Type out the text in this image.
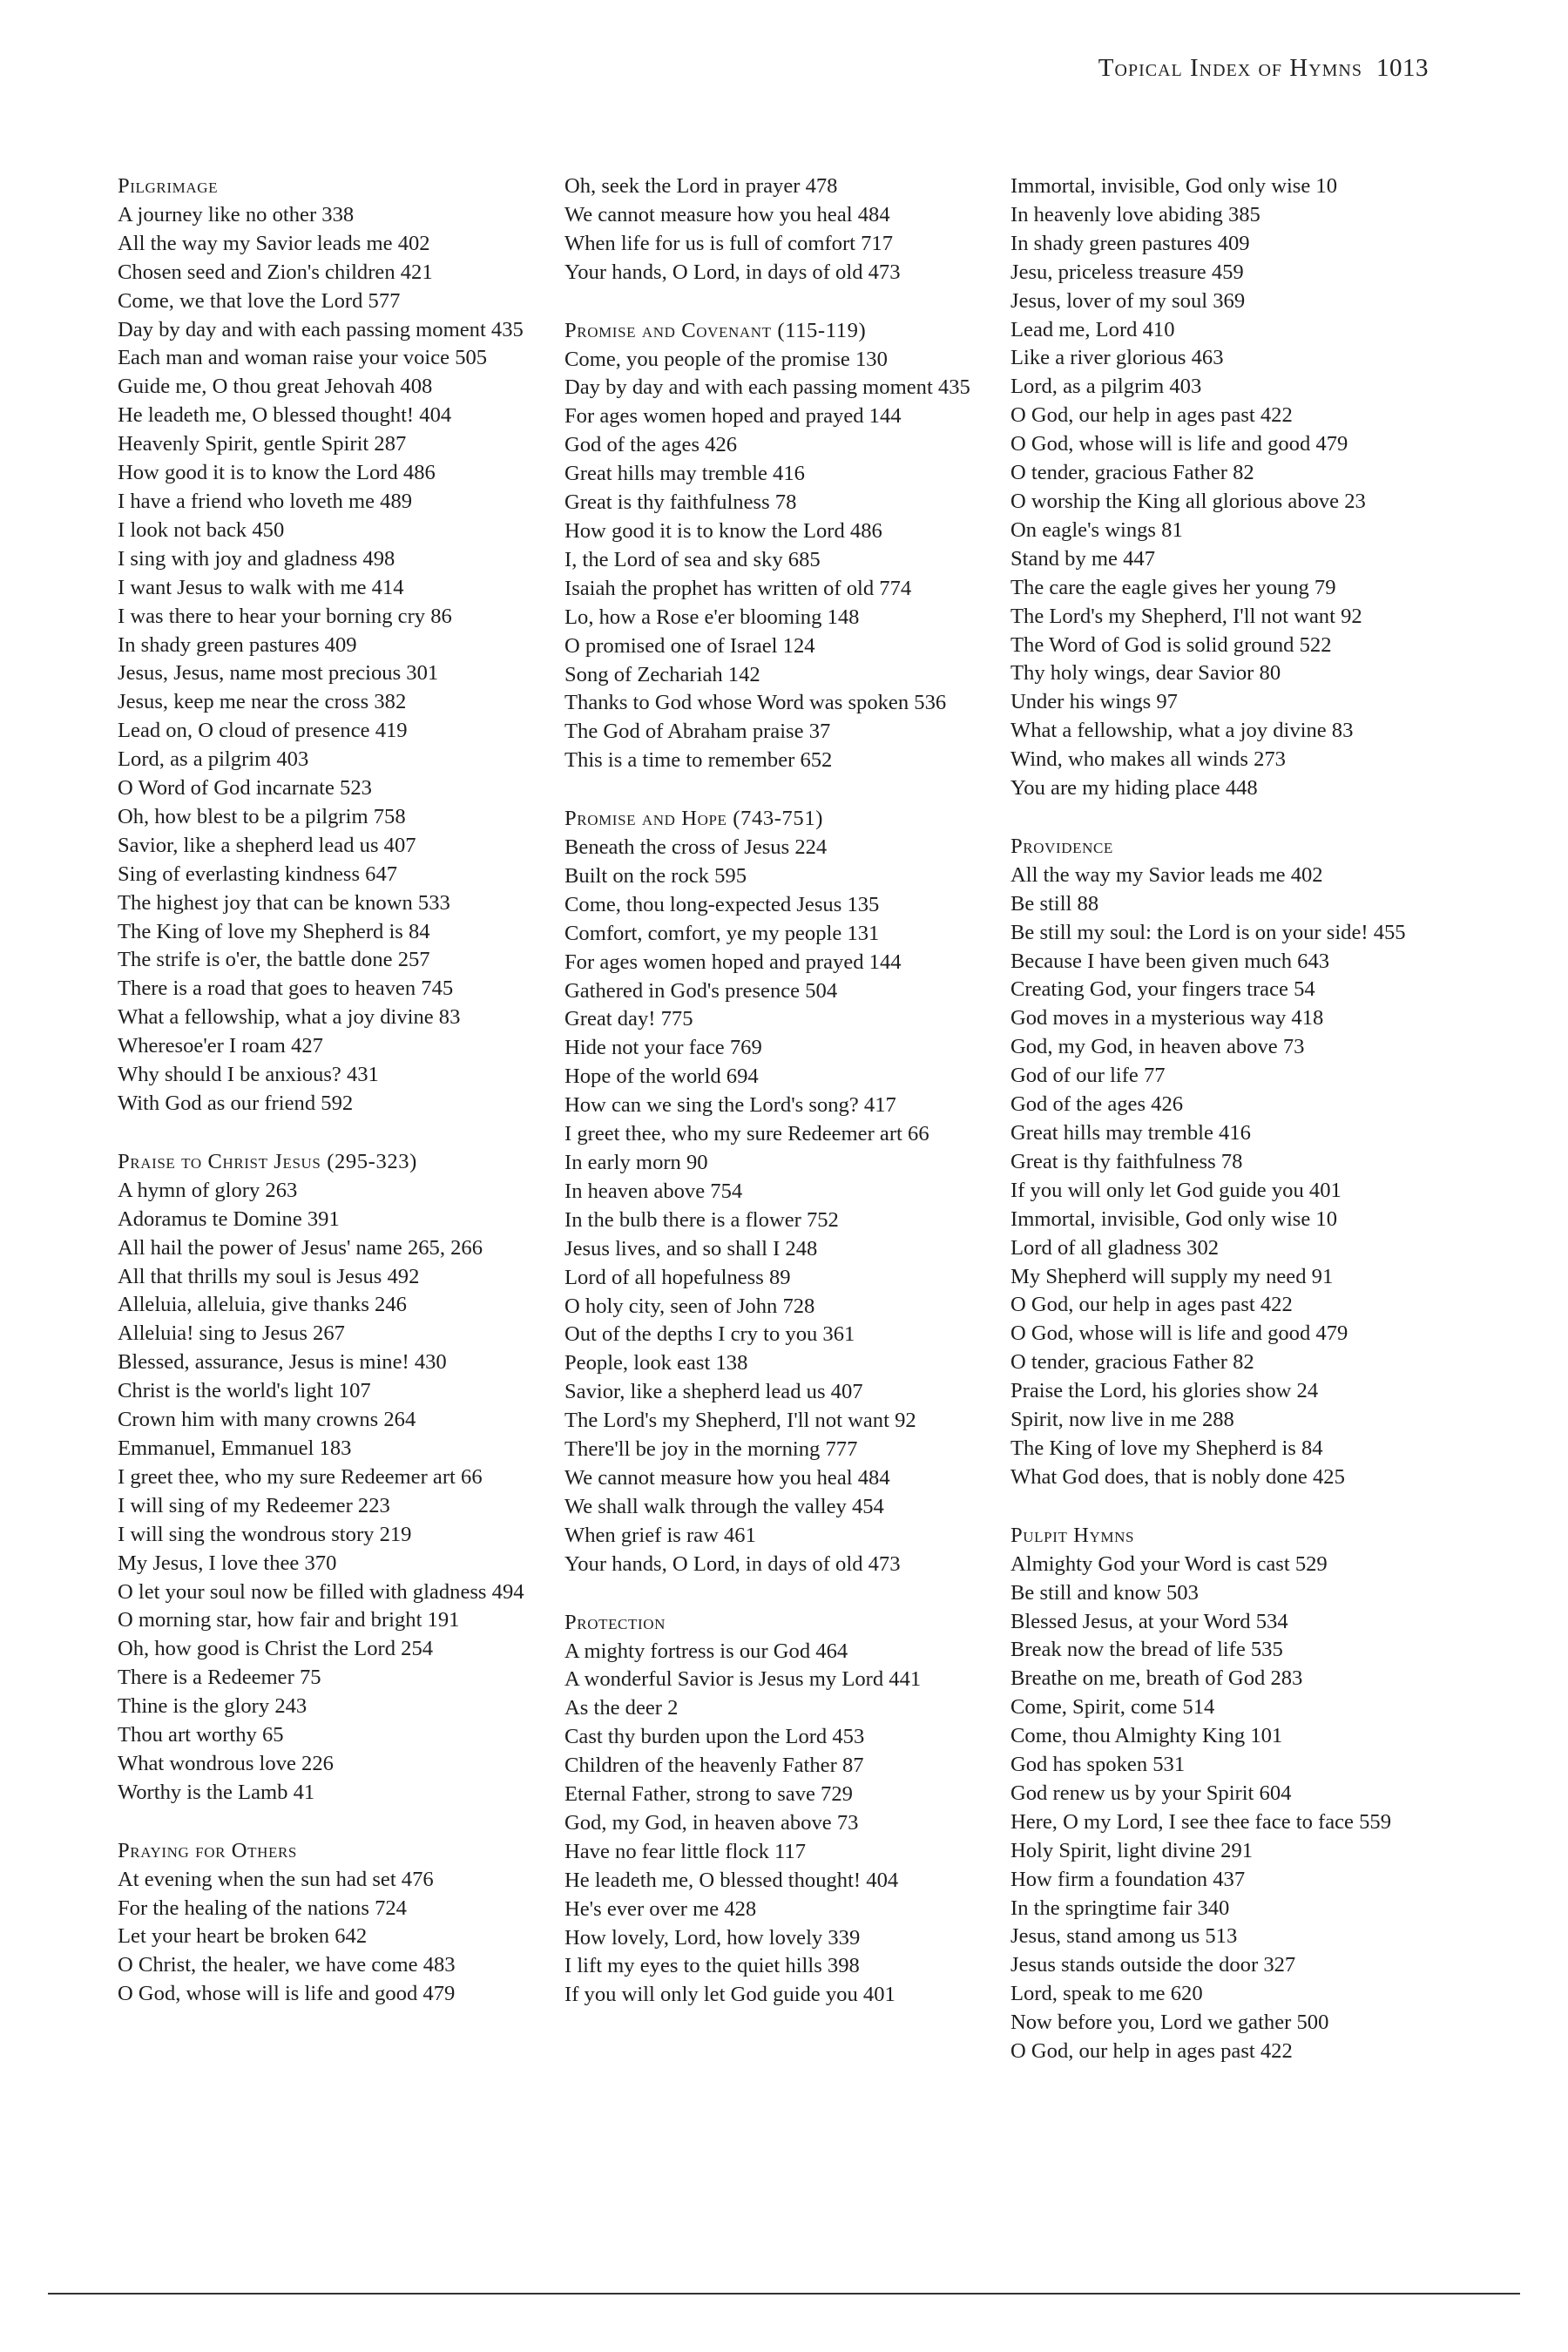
Topical Index of Hymns 1013
Pilgrimage
A journey like no other 338
All the way my Savior leads me 402
Chosen seed and Zion's children 421
Come, we that love the Lord 577
Day by day and with each passing moment 435
Each man and woman raise your voice 505
Guide me, O thou great Jehovah 408
He leadeth me, O blessed thought! 404
Heavenly Spirit, gentle Spirit 287
How good it is to know the Lord 486
I have a friend who loveth me 489
I look not back 450
I sing with joy and gladness 498
I want Jesus to walk with me 414
I was there to hear your borning cry 86
In shady green pastures 409
Jesus, Jesus, name most precious 301
Jesus, keep me near the cross 382
Lead on, O cloud of presence 419
Lord, as a pilgrim 403
O Word of God incarnate 523
Oh, how blest to be a pilgrim 758
Savior, like a shepherd lead us 407
Sing of everlasting kindness 647
The highest joy that can be known 533
The King of love my Shepherd is 84
The strife is o'er, the battle done 257
There is a road that goes to heaven 745
What a fellowship, what a joy divine 83
Wheresoe'er I roam 427
Why should I be anxious? 431
With God as our friend 592
Praise to Christ Jesus (295-323)
A hymn of glory 263
Adoramus te Domine 391
All hail the power of Jesus' name 265, 266
All that thrills my soul is Jesus 492
Alleluia, alleluia, give thanks 246
Alleluia! sing to Jesus 267
Blessed, assurance, Jesus is mine! 430
Christ is the world's light 107
Crown him with many crowns 264
Emmanuel, Emmanuel 183
I greet thee, who my sure Redeemer art 66
I will sing of my Redeemer 223
I will sing the wondrous story 219
My Jesus, I love thee 370
O let your soul now be filled with gladness 494
O morning star, how fair and bright 191
Oh, how good is Christ the Lord 254
There is a Redeemer 75
Thine is the glory 243
Thou art worthy 65
What wondrous love 226
Worthy is the Lamb 41
Praying for Others
At evening when the sun had set 476
For the healing of the nations 724
Let your heart be broken 642
O Christ, the healer, we have come 483
O God, whose will is life and good 479
Oh, seek the Lord in prayer 478
We cannot measure how you heal 484
When life for us is full of comfort 717
Your hands, O Lord, in days of old 473
Promise and Covenant (115-119)
Come, you people of the promise 130
Day by day and with each passing moment 435
For ages women hoped and prayed 144
God of the ages 426
Great hills may tremble 416
Great is thy faithfulness 78
How good it is to know the Lord 486
I, the Lord of sea and sky 685
Isaiah the prophet has written of old 774
Lo, how a Rose e'er blooming 148
O promised one of Israel 124
Song of Zechariah 142
Thanks to God whose Word was spoken 536
The God of Abraham praise 37
This is a time to remember 652
Promise and Hope (743-751)
Beneath the cross of Jesus 224
Built on the rock 595
Come, thou long-expected Jesus 135
Comfort, comfort, ye my people 131
For ages women hoped and prayed 144
Gathered in God's presence 504
Great day! 775
Hide not your face 769
Hope of the world 694
How can we sing the Lord's song? 417
I greet thee, who my sure Redeemer art 66
In early morn 90
In heaven above 754
In the bulb there is a flower 752
Jesus lives, and so shall I 248
Lord of all hopefulness 89
O holy city, seen of John 728
Out of the depths I cry to you 361
People, look east 138
Savior, like a shepherd lead us 407
The Lord's my Shepherd, I'll not want 92
There'll be joy in the morning 777
We cannot measure how you heal 484
We shall walk through the valley 454
When grief is raw 461
Your hands, O Lord, in days of old 473
Protection
A mighty fortress is our God 464
A wonderful Savior is Jesus my Lord 441
As the deer 2
Cast thy burden upon the Lord 453
Children of the heavenly Father 87
Eternal Father, strong to save 729
God, my God, in heaven above 73
Have no fear little flock 117
He leadeth me, O blessed thought! 404
He's ever over me 428
How lovely, Lord, how lovely 339
I lift my eyes to the quiet hills 398
If you will only let God guide you 401
Immortal, invisible, God only wise 10
In heavenly love abiding 385
In shady green pastures 409
Jesu, priceless treasure 459
Jesus, lover of my soul 369
Lead me, Lord 410
Like a river glorious 463
Lord, as a pilgrim 403
O God, our help in ages past 422
O God, whose will is life and good 479
O tender, gracious Father 82
O worship the King all glorious above 23
On eagle's wings 81
Stand by me 447
The care the eagle gives her young 79
The Lord's my Shepherd, I'll not want 92
The Word of God is solid ground 522
Thy holy wings, dear Savior 80
Under his wings 97
What a fellowship, what a joy divine 83
Wind, who makes all winds 273
You are my hiding place 448
Providence
All the way my Savior leads me 402
Be still 88
Be still my soul: the Lord is on your side! 455
Because I have been given much 643
Creating God, your fingers trace 54
God moves in a mysterious way 418
God, my God, in heaven above 73
God of our life 77
God of the ages 426
Great hills may tremble 416
Great is thy faithfulness 78
If you will only let God guide you 401
Immortal, invisible, God only wise 10
Lord of all gladness 302
My Shepherd will supply my need 91
O God, our help in ages past 422
O God, whose will is life and good 479
O tender, gracious Father 82
Praise the Lord, his glories show 24
Spirit, now live in me 288
The King of love my Shepherd is 84
What God does, that is nobly done 425
Pulpit Hymns
Almighty God your Word is cast 529
Be still and know 503
Blessed Jesus, at your Word 534
Break now the bread of life 535
Breathe on me, breath of God 283
Come, Spirit, come 514
Come, thou Almighty King 101
God has spoken 531
God renew us by your Spirit 604
Here, O my Lord, I see thee face to face 559
Holy Spirit, light divine 291
How firm a foundation 437
In the springtime fair 340
Jesus, stand among us 513
Jesus stands outside the door 327
Lord, speak to me 620
Now before you, Lord we gather 500
O God, our help in ages past 422
